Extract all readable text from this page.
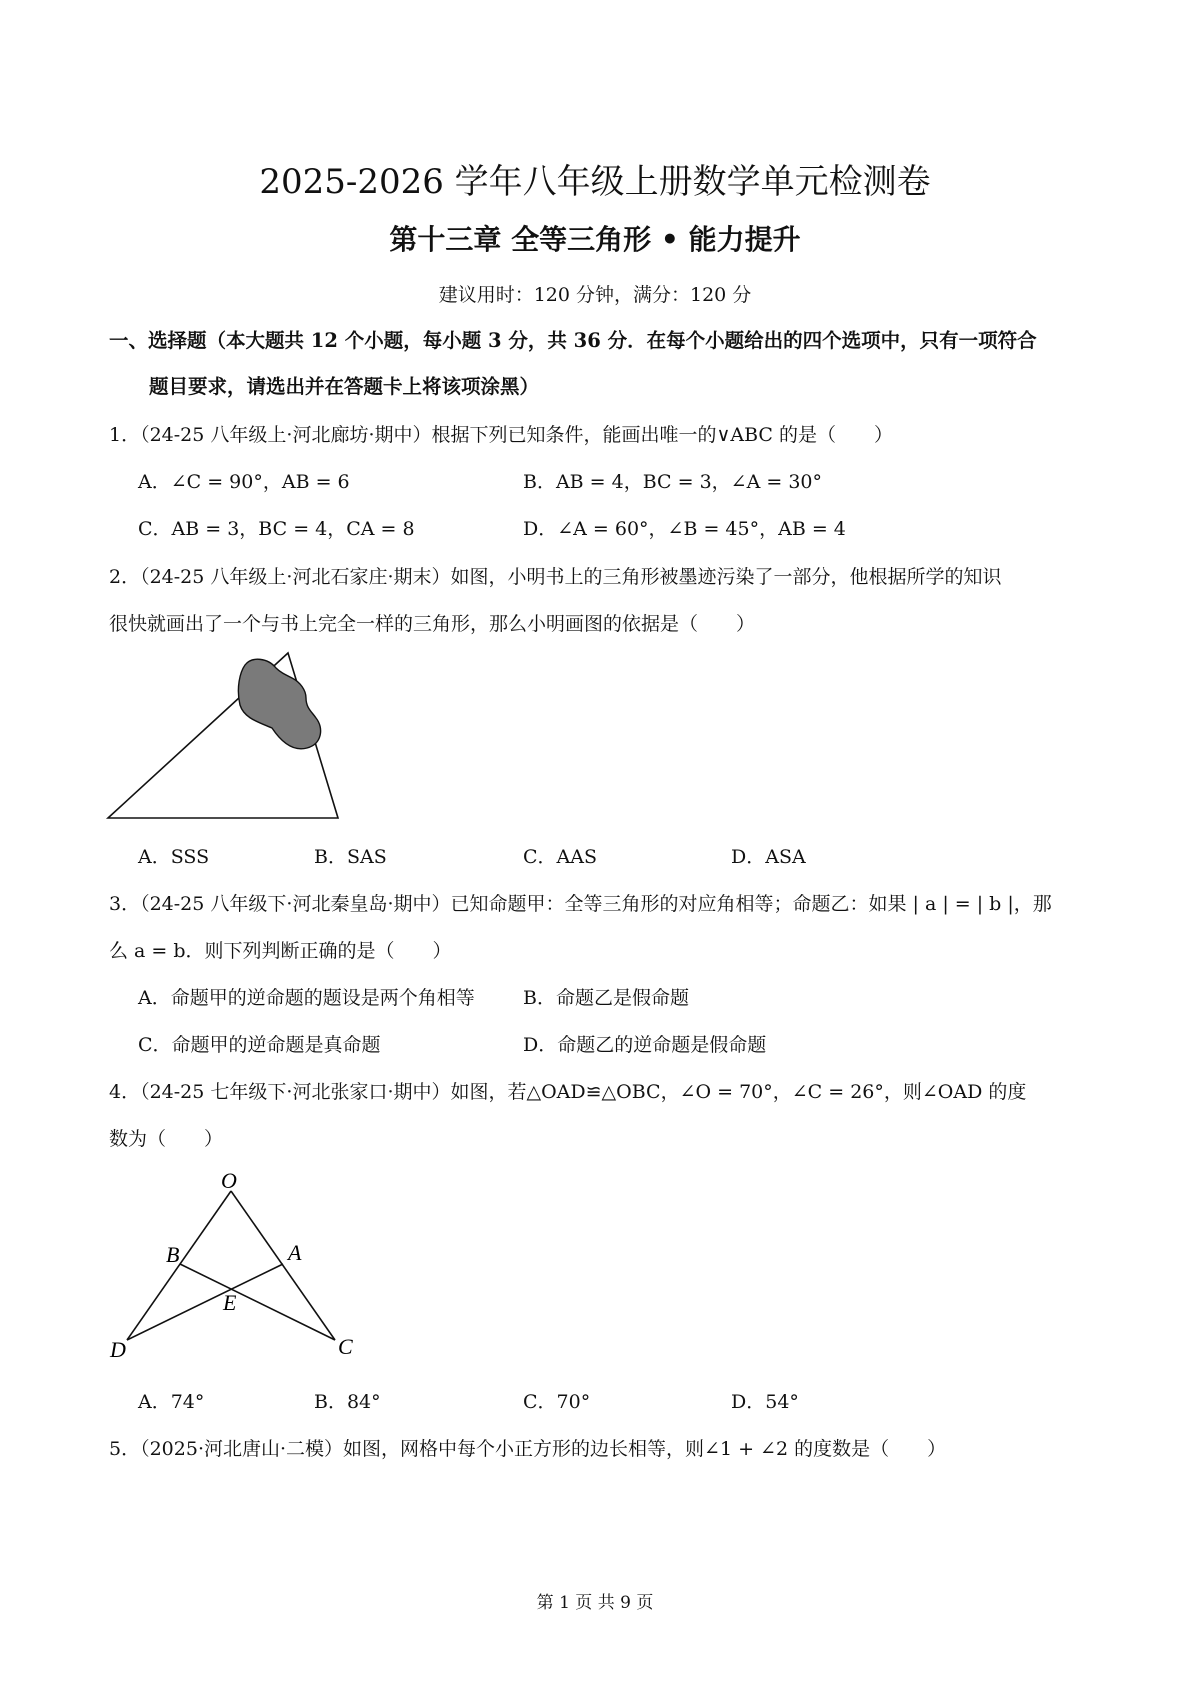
2025-2026 学年八年级上册数学单元检测卷
第十三章 全等三角形 • 能力提升
建议用时：120 分钟，满分：120 分
一、选择题（本大题共 12 个小题，每小题 3 分，共 36 分．在每个小题给出的四个选项中，只有一项符合
题目要求，请选出并在答题卡上将该项涂黑）
1．（24-25 八年级上·河北廊坊·期中）根据下列已知条件，能画出唯一的∨ABC 的是（　　）
A．∠C = 90°，AB = 6	B．AB = 4，BC = 3，∠A = 30°
C．AB = 3，BC = 4，CA = 8	D．∠A = 60°，∠B = 45°，AB = 4
2．（24-25 八年级上·河北石家庄·期末）如图，小明书上的三角形被墨迹污染了一部分，他根据所学的知识
很快就画出了一个与书上完全一样的三角形，那么小明画图的依据是（　　）
A．SSS	B．SAS	C．AAS	D．ASA
3．（24-25 八年级下·河北秦皇岛·期中）已知命题甲：全等三角形的对应角相等；命题乙：如果 | a | = | b |，那
么 a = b．则下列判断正确的是（　　）
A．命题甲的逆命题的题设是两个角相等	B．命题乙是假命题
C．命题甲的逆命题是真命题	D．命题乙的逆命题是假命题
4．（24-25 七年级下·河北张家口·期中）如图，若△OAD≌△OBC，∠O = 70°，∠C = 26°，则∠OAD 的度
数为（　　）
O
B	A
E
D	C
A．74°	B．84°	C．70°	D．54°
5．（2025·河北唐山·二模）如图，网格中每个小正方形的边长相等，则∠1 + ∠2 的度数是（　　）
第 1 页 共 9 页
